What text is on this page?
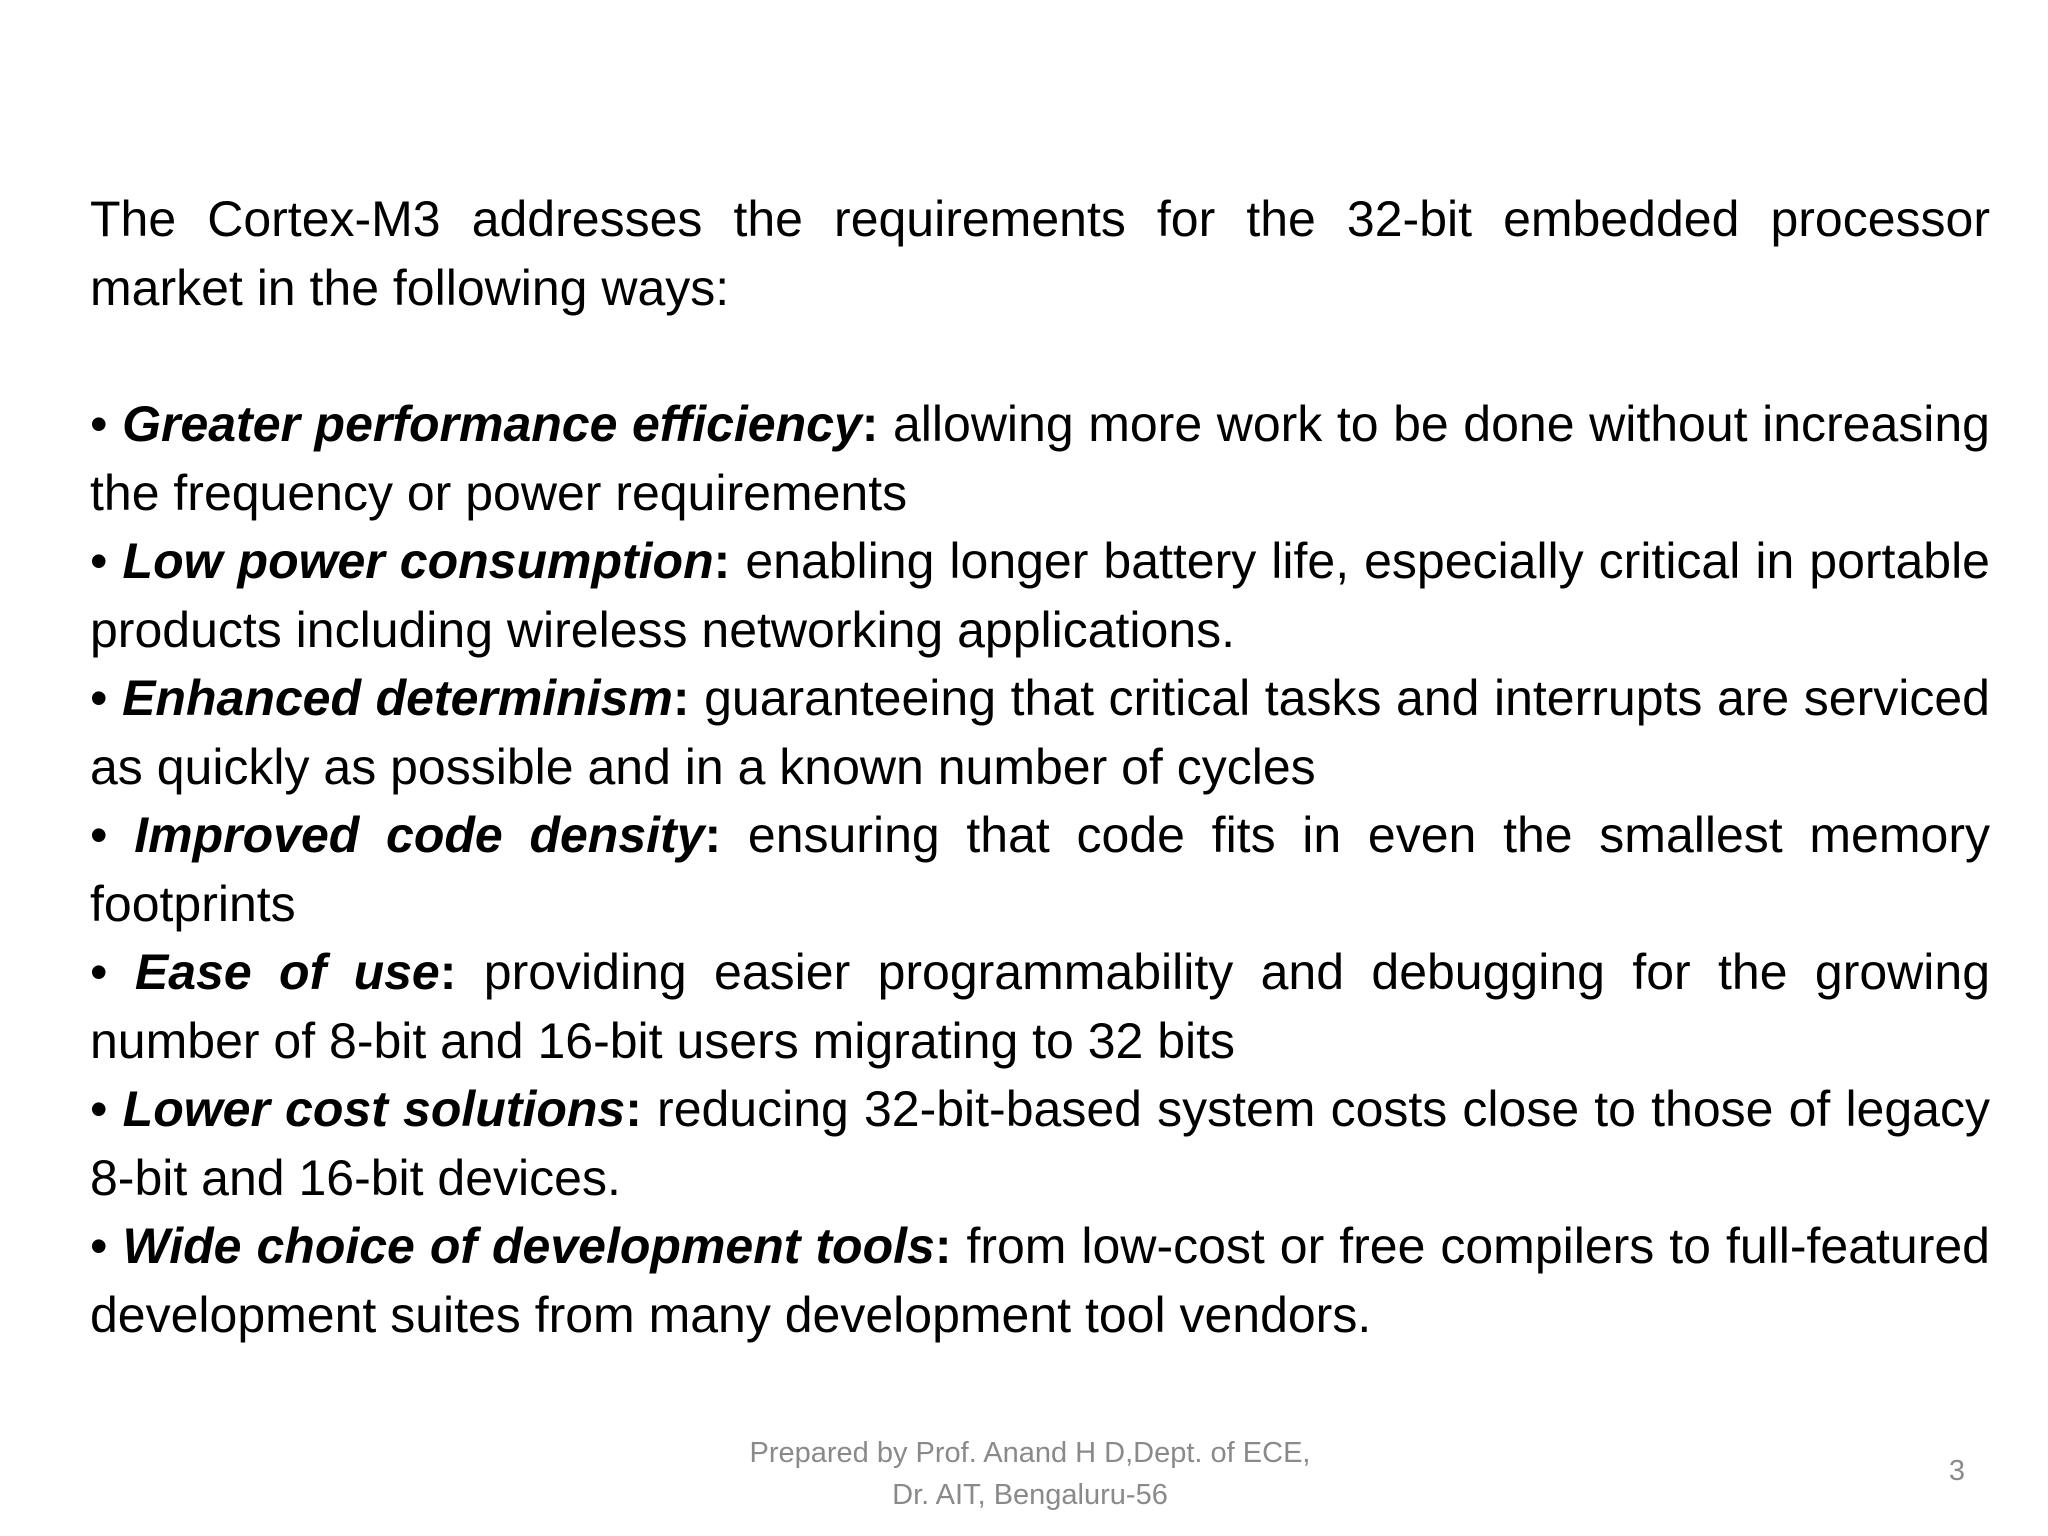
The Cortex-M3 addresses the requirements for the 32-bit embedded processor market in the following ways:

• Greater performance efficiency: allowing more work to be done without increasing the frequency or power requirements

• Low power consumption: enabling longer battery life, especially critical in portable products including wireless networking applications.

• Enhanced determinism: guaranteeing that critical tasks and interrupts are serviced as quickly as possible and in a known number of cycles

• Improved code density: ensuring that code fits in even the smallest memory footprints

• Ease of use: providing easier programmability and debugging for the growing number of 8-bit and 16-bit users migrating to 32 bits

• Lower cost solutions: reducing 32-bit-based system costs close to those of legacy 8-bit and 16-bit devices.

• Wide choice of development tools: from low-cost or free compilers to full-featured development suites from many development tool vendors.

Prepared by Prof. Anand H D,Dept. of ECE,
Dr. AIT, Bengaluru-56
3
